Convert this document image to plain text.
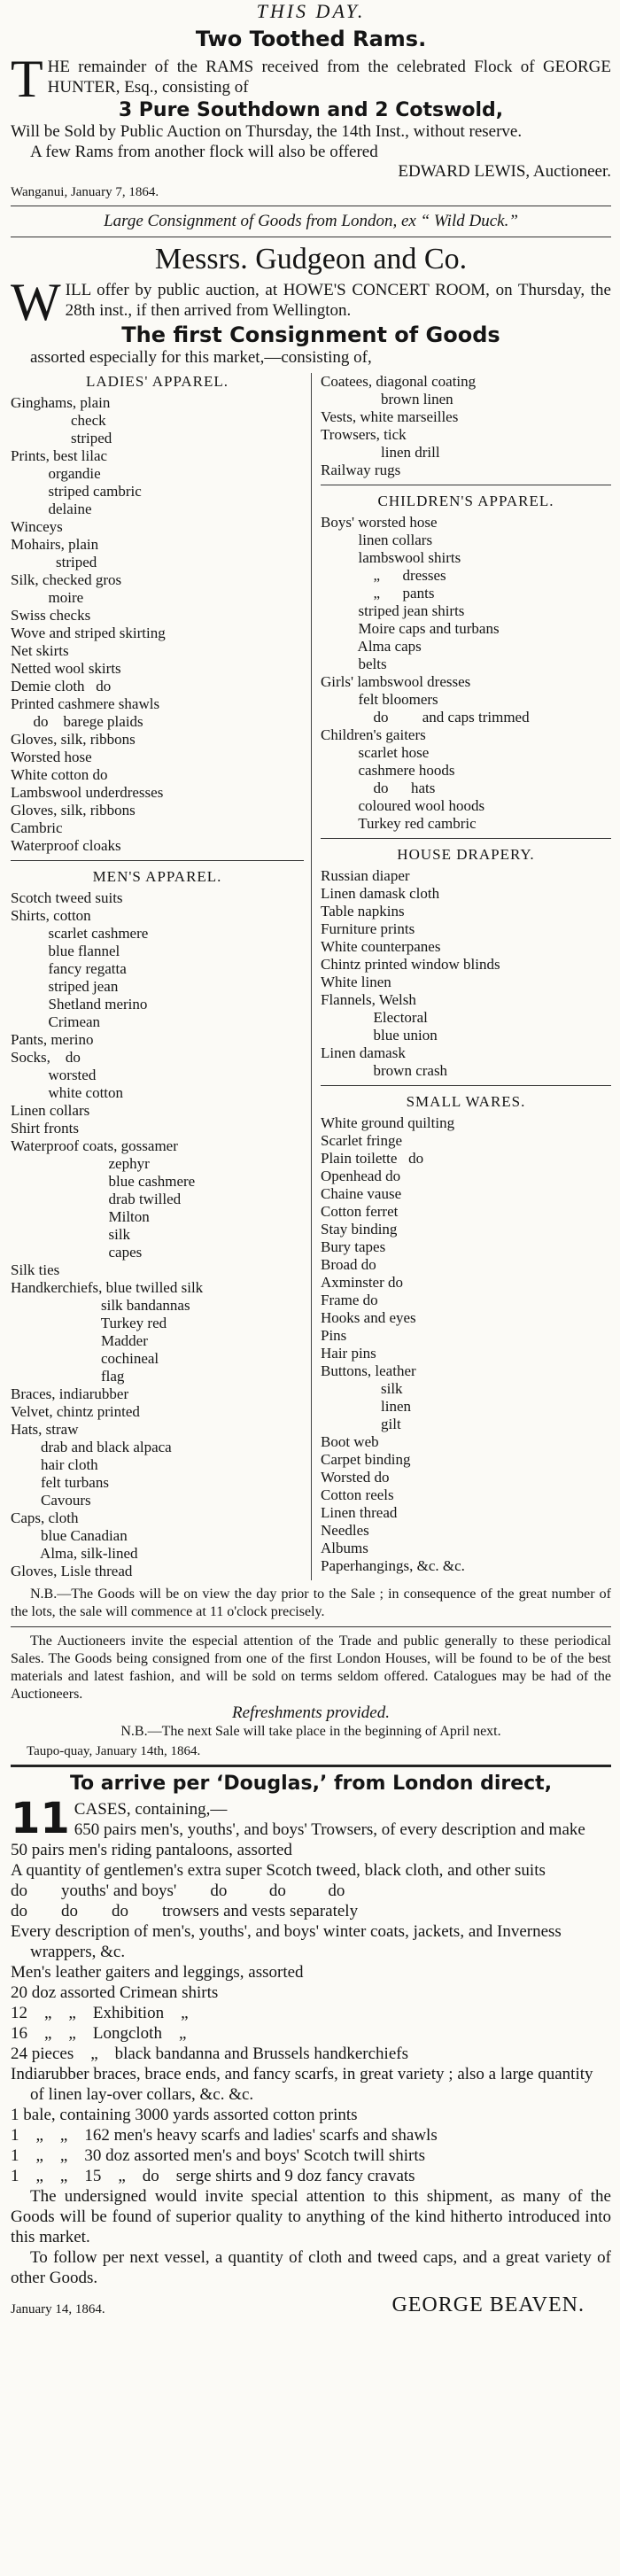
THIS DAY.
Two Toothed Rams.

THE remainder of the RAMS received from the celebrated Flock of GEORGE HUNTER, Esq., consisting of

3 Pure Southdown and 2 Cotswold,

Will be Sold by Public Auction on Thursday, the 14th Inst., without reserve.

A few Rams from another flock will also be offered

EDWARD LEWIS, Auctioneer.
Wanganui, January 7, 1864.
Large Consignment of Goods from London, ex “ Wild Duck.”
Messrs. Gudgeon and Co.

WILL offer by public auction, at HOWE'S CONCERT ROOM, on Thursday, the 28th inst., if then arrived from Wellington.

The first Consignment of Goods

assorted especially for this market,—consisting of,

LADIES' APPAREL.
Ginghams, plain
check
striped
Prints, best lilac
organdie
striped cambric
delaine
Winceys
Mohairs, plain
striped
Silk, checked gros
moire
Swiss checks
Wove and striped skirting
Net skirts
Netted wool skirts
Demie cloth   do
Printed cashmere shawls
do    barege plaids
Gloves, silk, ribbons
Worsted hose
White cotton do
Lambswool underdresses
Gloves, silk, ribbons
Cambric
Waterproof cloaks
MEN'S APPAREL.
Scotch tweed suits
Shirts, cotton
scarlet cashmere
blue flannel
fancy regatta
striped jean
Shetland merino
Crimean
Pants, merino
Socks,    do
worsted
white cotton
Linen collars
Shirt fronts
Waterproof coats, gossamer
zephyr
blue cashmere
drab twilled
Milton
silk
capes
Silk ties
Handkerchiefs, blue twilled silk
silk bandannas
Turkey red
Madder
cochineal
flag
Braces, indiarubber
Velvet, chintz printed
Hats, straw
drab and black alpaca
hair cloth
felt turbans
Cavours
Caps, cloth
blue Canadian
Alma, silk-lined
Gloves, Lisle thread
Coatees, diagonal coating
brown linen
Vests, white marseilles
Trowsers, tick
linen drill
Railway rugs
CHILDREN'S APPAREL.
Boys' worsted hose
linen collars
lambswool shirts
„      dresses
„      pants
striped jean shirts
Moire caps and turbans
Alma caps
belts
Girls' lambswool dresses
felt bloomers
do         and caps trimmed
Children's gaiters
scarlet hose
cashmere hoods
do      hats
coloured wool hoods
Turkey red cambric
HOUSE DRAPERY.
Russian diaper
Linen damask cloth
Table napkins
Furniture prints
White counterpanes
Chintz printed window blinds
White linen
Flannels, Welsh
Electoral
blue union
Linen damask
brown crash
SMALL WARES.
White ground quilting
Scarlet fringe
Plain toilette   do
Openhead do
Chaine vause
Cotton ferret
Stay binding
Bury tapes
Broad do
Axminster do
Frame do
Hooks and eyes
Pins
Hair pins
Buttons, leather
silk
linen
gilt
Boot web
Carpet binding
Worsted do
Cotton reels
Linen thread
Needles
Albums
Paperhangings, &c. &c.

N.B.—The Goods will be on view the day prior to the Sale ; in consequence of the great number of the lots, the sale will commence at 11 o'clock precisely.

The Auctioneers invite the especial attention of the Trade and public generally to these periodical Sales. The Goods being consigned from one of the first London Houses, will be found to be of the best materials and latest fashion, and will be sold on terms seldom offered. Catalogues may be had of the Auctioneers.

Refreshments provided.
N.B.—The next Sale will take place in the beginning of April next.
Taupo-quay, January 14th, 1864.
To arrive per ‘Douglas,’ from London direct,
11 CASES, containing,—
650 pairs men's, youths', and boys' Trowsers, of every description and make
50 pairs men's riding pantaloons, assorted
A quantity of gentlemen's extra super Scotch tweed, black cloth, and other suits
do        youths' and boys'        do          do          do
do        do        do        trowsers and vests separately
Every description of men's, youths', and boys' winter coats, jackets, and Inverness wrappers, &c.
Men's leather gaiters and leggings, assorted
20 doz assorted Crimean shirts
12    „    „    Exhibition    „
16    „    „    Longcloth    „
24 pieces    „    black bandanna and Brussels handkerchiefs
Indiarubber braces, brace ends, and fancy scarfs, in great variety ; also a large quantity of linen lay-over collars, &c. &c.
1 bale, containing 3000 yards assorted cotton prints
1    „    „    162 men's heavy scarfs and ladies' scarfs and shawls
1    „    „    30 doz assorted men's and boys' Scotch twill shirts
1    „    „    15    „    do    serge shirts and 9 doz fancy cravats

The undersigned would invite special attention to this shipment, as many of the Goods will be found of superior quality to anything of the kind hitherto introduced into this market.

To follow per next vessel, a quantity of cloth and tweed caps, and a great variety of other Goods.

January 14, 1864.	GEORGE BEAVEN.
